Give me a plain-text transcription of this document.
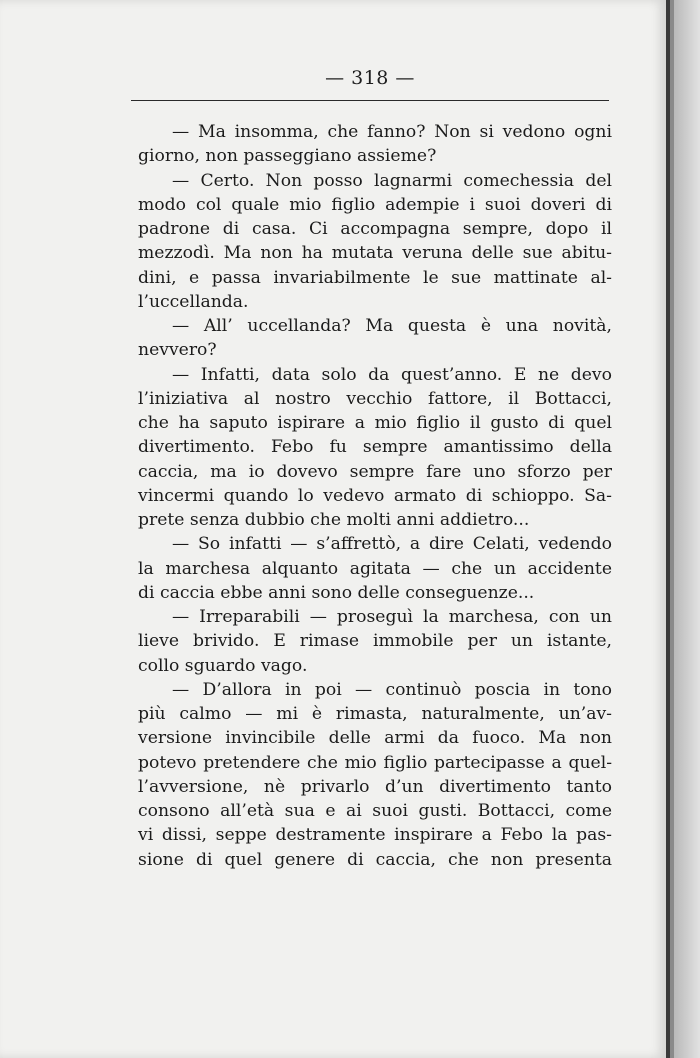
— 318 —
— Ma insomma, che fanno? Non si vedono ogni
giorno, non passeggiano assieme?
— Certo. Non posso lagnarmi comechessia del
modo col quale mio figlio adempie i suoi doveri di
padrone di casa. Ci accompagna sempre, dopo il
mezzodì. Ma non ha mutata veruna delle sue abitu-
dini, e passa invariabilmente le sue mattinate al-
l’uccellanda.
— All’ uccellanda? Ma questa è una novità,
nevvero?
— Infatti, data solo da quest’anno. E ne devo
l’iniziativa al nostro vecchio fattore, il Bottacci,
che ha saputo ispirare a mio figlio il gusto di quel
divertimento. Febo fu sempre amantissimo della
caccia, ma io dovevo sempre fare uno sforzo per
vincermi quando lo vedevo armato di schioppo. Sa-
prete senza dubbio che molti anni addietro...
— So infatti — s’affrettò, a dire Celati, vedendo
la marchesa alquanto agitata — che un accidente
di caccia ebbe anni sono delle conseguenze...
— Irreparabili — proseguì la marchesa, con un
lieve brivido. E rimase immobile per un istante,
collo sguardo vago.
— D’allora in poi — continuò poscia in tono
più calmo — mi è rimasta, naturalmente, un’av-
versione invincibile delle armi da fuoco. Ma non
potevo pretendere che mio figlio partecipasse a quel-
l’avversione, nè privarlo d’un divertimento tanto
consono all’età sua e ai suoi gusti. Bottacci, come
vi dissi, seppe destramente inspirare a Febo la pas-
sione di quel genere di caccia, che non presenta
